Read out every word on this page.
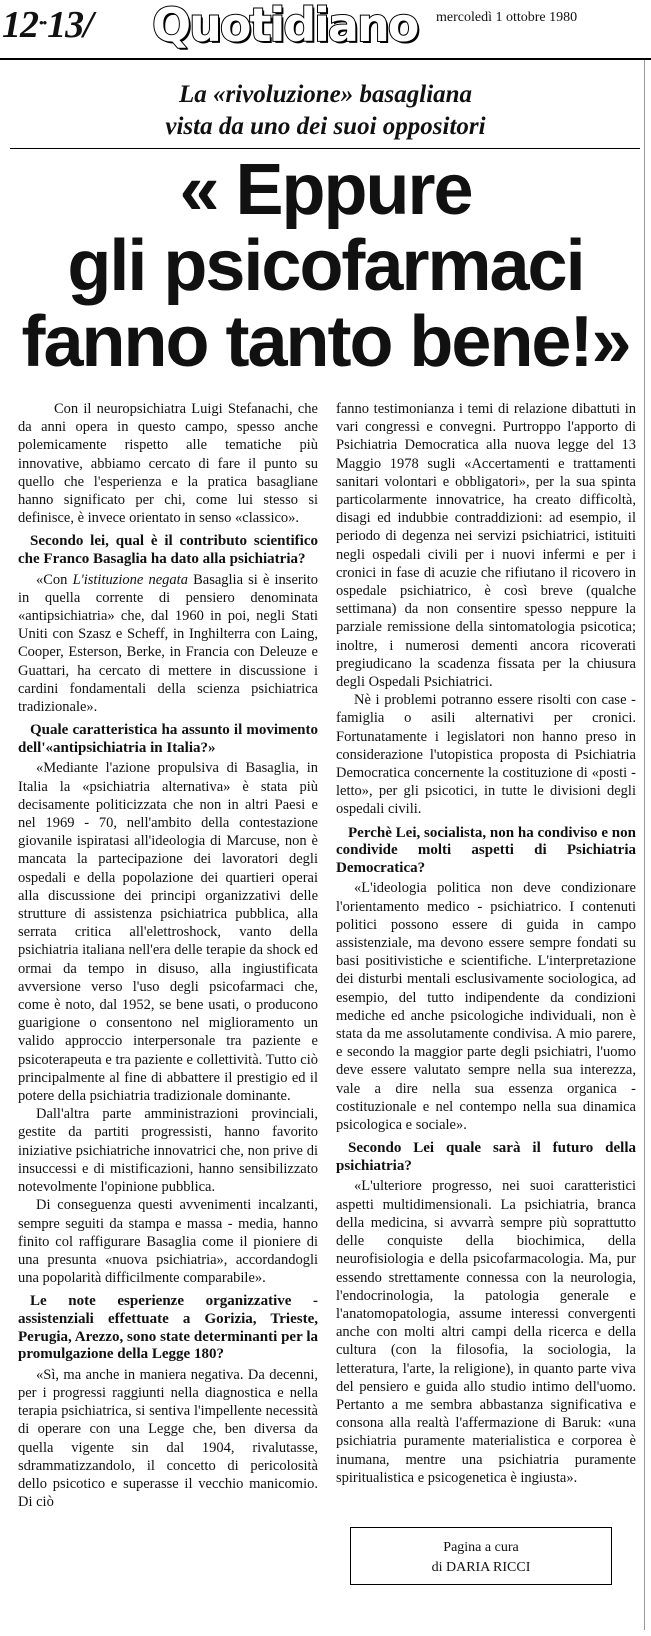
12••13/ Quotidiano	mercoledì 1 ottobre 1980
La «rivoluzione» basagliana
vista da uno dei suoi oppositori
« Eppure
gli psicofarmaci
fanno tanto bene!»

Con il neuropsichiatra Luigi Stefanachi, che da anni opera in questo campo, spesso anche polemicamente rispetto alle tematiche più innovative, abbiamo cercato di fare il punto su quello che l'esperienza e la pratica basagliane hanno significato per chi, come lui stesso si definisce, è invece orientato in senso «classico».

Secondo lei, qual è il contributo scientifico che Franco Basaglia ha dato alla psichiatria?

«Con L'istituzione negata Basaglia si è inserito in quella corrente di pensiero denominata «antipsichiatria» che, dal 1960 in poi, negli Stati Uniti con Szasz e Scheff, in Inghilterra con Laing, Cooper, Esterson, Berke, in Francia con Deleuze e Guattari, ha cercato di mettere in discussione i cardini fondamentali della scienza psichiatrica tradizionale».

Quale caratteristica ha assunto il movimento dell'«antipsichiatria in Italia?»

«Mediante l'azione propulsiva di Basaglia, in Italia la «psichiatria alternativa» è stata più decisamente politicizzata che non in altri Paesi e nel 1969 - 70, nell'ambito della contestazione giovanile ispiratasi all'ideologia di Marcuse, non è mancata la partecipazione dei lavoratori degli ospedali e della popolazione dei quartieri operai alla discussione dei principi organizzativi delle strutture di assistenza psichiatrica pubblica, alla serrata critica all'elettroshock, vanto della psichiatria italiana nell'era delle terapie da shock ed ormai da tempo in disuso, alla ingiustificata avversione verso l'uso degli psicofarmaci che, come è noto, dal 1952, se bene usati, o producono guarigione o consentono nel miglioramento un valido approccio interpersonale tra paziente e psicoterapeuta e tra paziente e collettività. Tutto ciò principalmente al fine di abbattere il prestigio ed il potere della psichiatria tradizionale dominante.

Dall'altra parte amministrazioni provinciali, gestite da partiti progressisti, hanno favorito iniziative psichiatriche innovatrici che, non prive di insuccessi e di mistificazioni, hanno sensibilizzato notevolmente l'opinione pubblica.

Di conseguenza questi avvenimenti incalzanti, sempre seguiti da stampa e massa - media, hanno finito col raffigurare Basaglia come il pioniere di una presunta «nuova psichiatria», accordandogli una popolarità difficilmente comparabile».

Le note esperienze organizzative - assistenziali effettuate a Gorizia, Trieste, Perugia, Arezzo, sono state determinanti per la promulgazione della Legge 180?

«Sì, ma anche in maniera negativa. Da decenni, per i progressi raggiunti nella diagnostica e nella terapia psichiatrica, si sentiva l'impellente necessità di operare con una Legge che, ben diversa da quella vigente sin dal 1904, rivalutasse, sdrammatizzandolo, il concetto di pericolosità dello psicotico e superasse il vecchio manicomio. Di ciò

fanno testimonianza i temi di relazione dibattuti in vari congressi e convegni. Purtroppo l'apporto di Psichiatria Democratica alla nuova legge del 13 Maggio 1978 sugli «Accertamenti e trattamenti sanitari volontari e obbligatori», per la sua spinta particolarmente innovatrice, ha creato difficoltà, disagi ed indubbie contraddizioni: ad esempio, il periodo di degenza nei servizi psichiatrici, istituiti negli ospedali civili per i nuovi infermi e per i cronici in fase di acuzie che rifiutano il ricovero in ospedale psichiatrico, è così breve (qualche settimana) da non consentire spesso neppure la parziale remissione della sintomatologia psicotica; inoltre, i numerosi dementi ancora ricoverati pregiudicano la scadenza fissata per la chiusura degli Ospedali Psichiatrici.

Nè i problemi potranno essere risolti con case - famiglia o asili alternativi per cronici. Fortunatamente i legislatori non hanno preso in considerazione l'utopistica proposta di Psichiatria Democratica concernente la costituzione di «posti - letto», per gli psicotici, in tutte le divisioni degli ospedali civili.

Perchè Lei, socialista, non ha condiviso e non condivide molti aspetti di Psichiatria Democratica?

«L'ideologia politica non deve condizionare l'orientamento medico - psichiatrico. I contenuti politici possono essere di guida in campo assistenziale, ma devono essere sempre fondati su basi positivistiche e scientifiche. L'interpretazione dei disturbi mentali esclusivamente sociologica, ad esempio, del tutto indipendente da condizioni mediche ed anche psicologiche individuali, non è stata da me assolutamente condivisa. A mio parere, e secondo la maggior parte degli psichiatri, l'uomo deve essere valutato sempre nella sua interezza, vale a dire nella sua essenza organica - costituzionale e nel contempo nella sua dinamica psicologica e sociale».

Secondo Lei quale sarà il futuro della psichiatria?

«L'ulteriore progresso, nei suoi caratteristici aspetti multidimensionali. La psichiatria, branca della medicina, si avvarrà sempre più soprattutto delle conquiste della biochimica, della neurofisiologia e della psicofarmacologia. Ma, pur essendo strettamente connessa con la neurologia, l'endocrinologia, la patologia generale e l'anatomopatologia, assume interessi convergenti anche con molti altri campi della ricerca e della cultura (con la filosofia, la sociologia, la letteratura, l'arte, la religione), in quanto parte viva del pensiero e guida allo studio intimo dell'uomo. Pertanto a me sembra abbastanza significativa e consona alla realtà l'affermazione di Baruk: «una psichiatria puramente materialistica e corporea è inumana, mentre una psichiatria puramente spiritualistica e psicogenetica è ingiusta».

Pagina a cura
di DARIA RICCI
